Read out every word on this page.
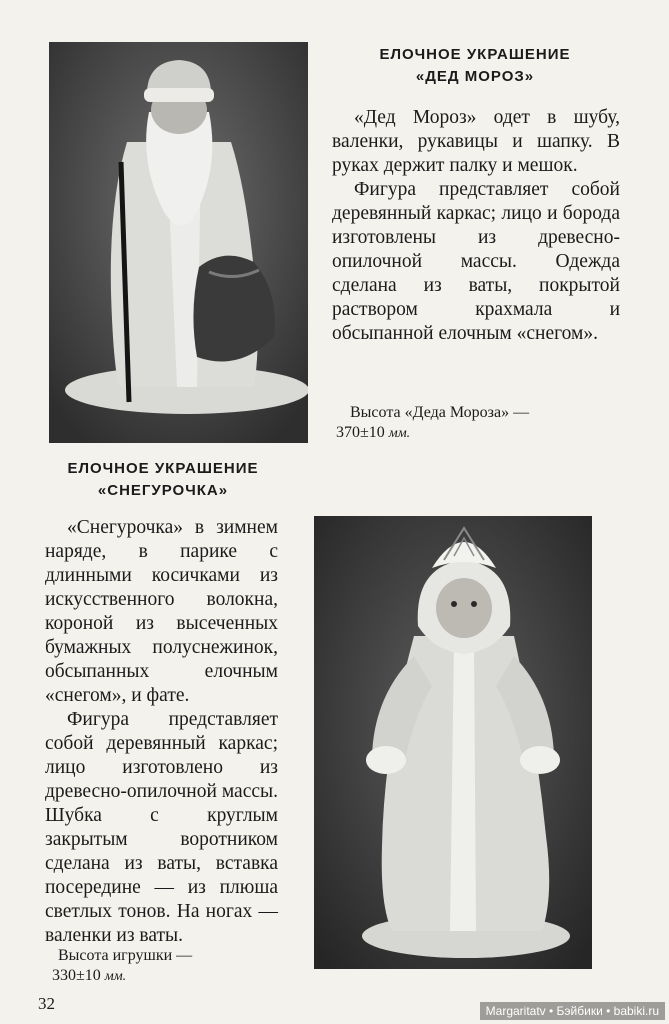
ЕЛОЧНОЕ УКРАШЕНИЕ
«ДЕД МОРОЗ»

«Дед Мороз» одет в шубу, валенки, рукавицы и шапку. В руках держит палку и мешок.

Фигура представляет собой деревянный каркас; лицо и борода изготовлены из древесно-опилочной массы. Одежда сделана из ваты, покрытой раствором крахмала и обсыпанной елочным «снегом».

Высота «Деда Мороза» —
370±10 мм.
ЕЛОЧНОЕ УКРАШЕНИЕ
«СНЕГУРОЧКА»

«Снегурочка» в зимнем наряде, в парике с длинными косичками из искусственного волокна, короной из высеченных бумажных полуснежинок, обсыпанных елочным «снегом», и фате.

Фигура представляет собой деревянный каркас; лицо изготовлено из древесно-опилочной массы. Шубка с круглым закрытым воротником сделана из ваты, вставка посередине — из плюша светлых тонов. На ногах — валенки из ваты.

Высота игрушки —
330±10 мм.
32	Margaritatv • Бэйбики • babiki.ru
